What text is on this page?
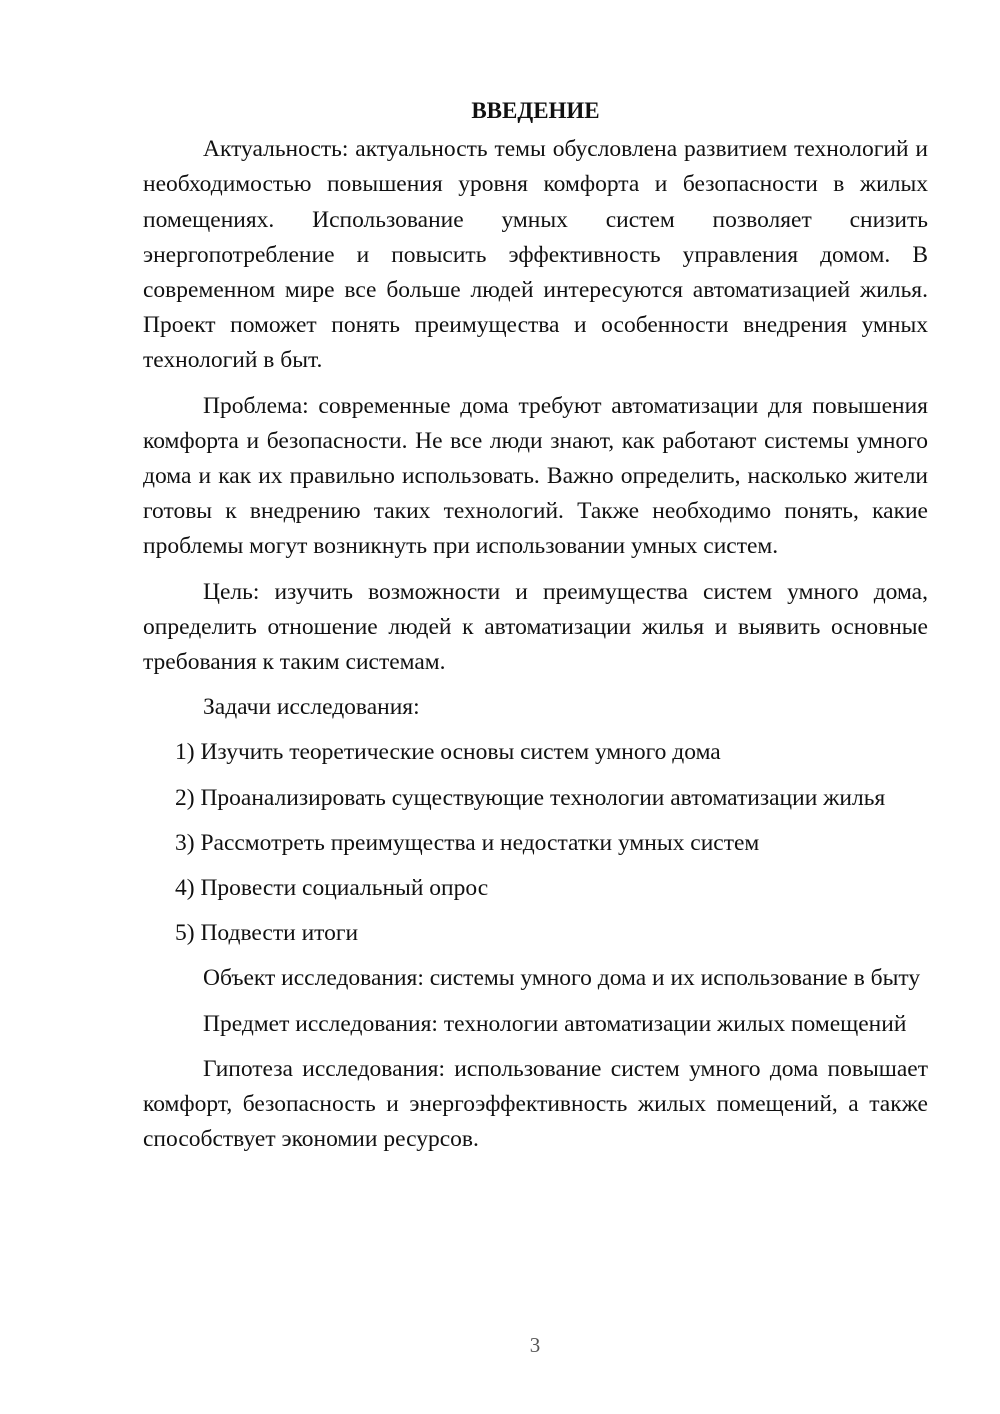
ВВЕДЕНИЕ

Актуальность: актуальность темы обусловлена развитием технологий и необходимостью повышения уровня комфорта и безопасности в жилых помещениях. Использование умных систем позволяет снизить энергопотребление и повысить эффективность управления домом. В современном мире все больше людей интересуются автоматизацией жилья. Проект поможет понять преимущества и особенности внедрения умных технологий в быт.

Проблема: современные дома требуют автоматизации для повышения комфорта и безопасности. Не все люди знают, как работают системы умного дома и как их правильно использовать. Важно определить, насколько жители готовы к внедрению таких технологий. Также необходимо понять, какие проблемы могут возникнуть при использовании умных систем.

Цель: изучить возможности и преимущества систем умного дома, определить отношение людей к автоматизации жилья и выявить основные требования к таким системам.

Задачи исследования:

1) Изучить теоретические основы систем умного дома

2) Проанализировать существующие технологии автоматизации жилья

3) Рассмотреть преимущества и недостатки умных систем

4) Провести социальный опрос

5) Подвести итоги

Объект исследования: системы умного дома и их использование в быту

Предмет исследования: технологии автоматизации жилых помещений

Гипотеза исследования: использование систем умного дома повышает комфорт, безопасность и энергоэффективность жилых помещений, а также способствует экономии ресурсов.

3
